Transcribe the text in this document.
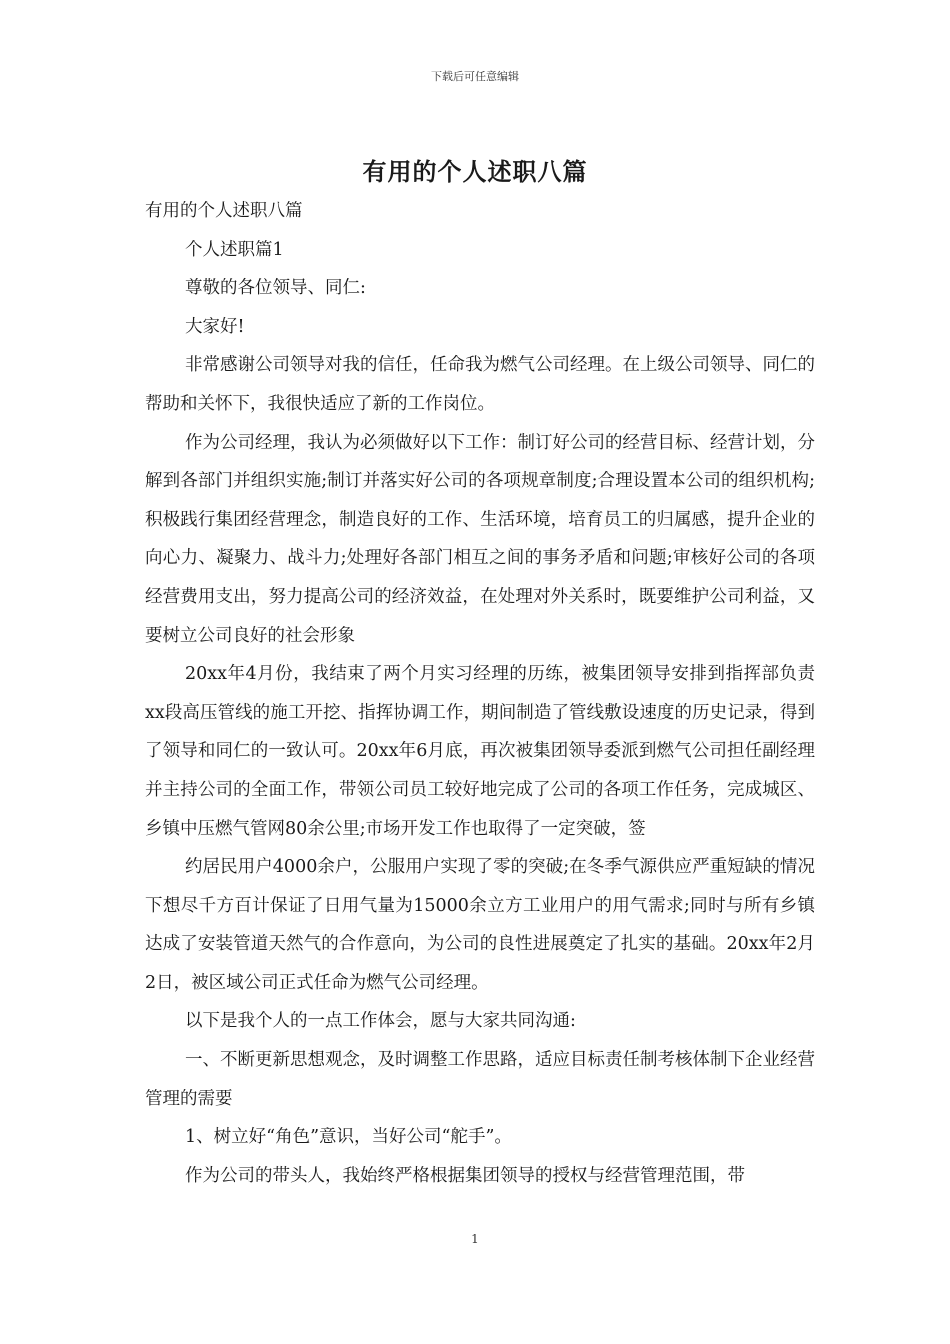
下载后可任意编辑
有用的个人述职八篇

有用的个人述职八篇

个人述职篇1

尊敬的各位领导、同仁:

大家好!

非常感谢公司领导对我的信任，任命我为燃气公司经理。在上级公司领导、同仁的帮助和关怀下，我很快适应了新的工作岗位。

作为公司经理，我认为必须做好以下工作：制订好公司的经营目标、经营计划，分解到各部门并组织实施;制订并落实好公司的各项规章制度;合理设置本公司的组织机构;积极践行集团经营理念，制造良好的工作、生活环境，培育员工的归属感，提升企业的向心力、凝聚力、战斗力;处理好各部门相互之间的事务矛盾和问题;审核好公司的各项经营费用支出，努力提高公司的经济效益，在处理对外关系时，既要维护公司利益，又要树立公司良好的社会形象

20xx年4月份，我结束了两个月实习经理的历练，被集团领导安排到指挥部负责xx段高压管线的施工开挖、指挥协调工作，期间制造了管线敷设速度的历史记录，得到了领导和同仁的一致认可。20xx年6月底，再次被集团领导委派到燃气公司担任副经理并主持公司的全面工作，带领公司员工较好地完成了公司的各项工作任务，完成城区、乡镇中压燃气管网80余公里;市场开发工作也取得了一定突破，签

约居民用户4000余户，公服用户实现了零的突破;在冬季气源供应严重短缺的情况下想尽千方百计保证了日用气量为15000余立方工业用户的用气需求;同时与所有乡镇达成了安装管道天然气的合作意向，为公司的良性进展奠定了扎实的基础。20xx年2月2日，被区域公司正式任命为燃气公司经理。

以下是我个人的一点工作体会，愿与大家共同沟通:

一、不断更新思想观念，及时调整工作思路，适应目标责任制考核体制下企业经营管理的需要

1、树立好“角色”意识，当好公司“舵手”。

作为公司的带头人，我始终严格根据集团领导的授权与经营管理范围，带

1
